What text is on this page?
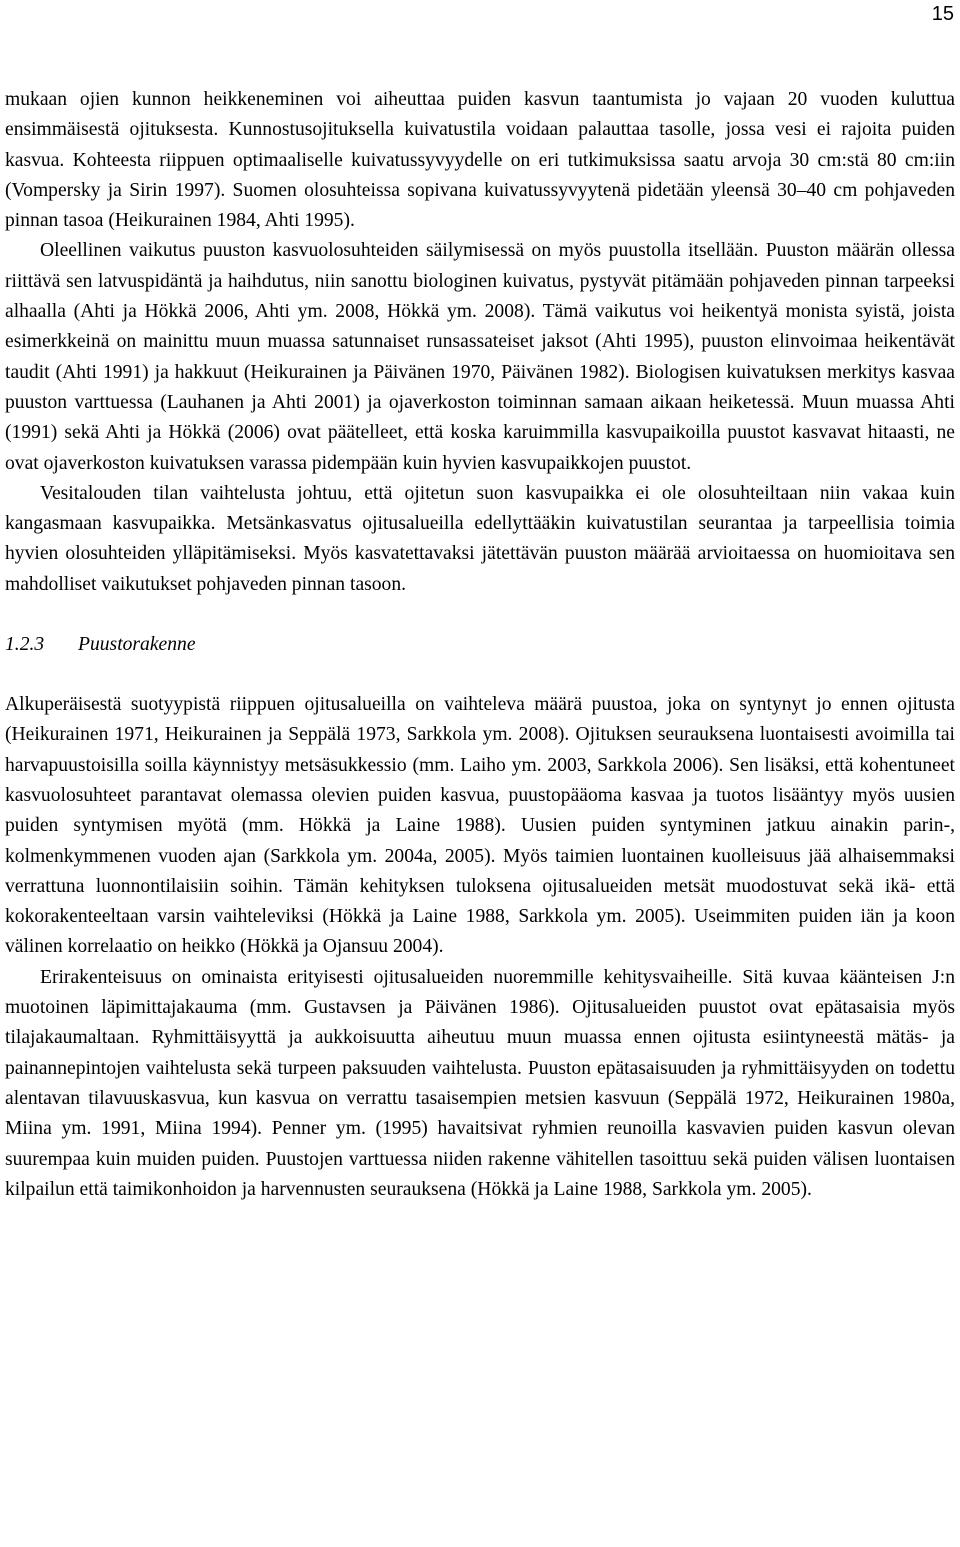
15

mukaan ojien kunnon heikkeneminen voi aiheuttaa puiden kasvun taantumista jo vajaan 20 vuoden kuluttua ensimmäisestä ojituksesta. Kunnostusojituksella kuivatustila voidaan palauttaa tasolle, jossa vesi ei rajoita puiden kasvua. Kohteesta riippuen optimaaliselle kuivatussyvyydelle on eri tutkimuksissa saatu arvoja 30 cm:stä 80 cm:iin (Vompersky ja Sirin 1997). Suomen olosuhteissa sopivana kuivatussyvyytenä pidetään yleensä 30–40 cm pohjaveden pinnan tasoa (Heikurainen 1984, Ahti 1995).

Oleellinen vaikutus puuston kasvuolosuhteiden säilymisessä on myös puustolla itsellään. Puuston määrän ollessa riittävä sen latvuspidäntä ja haihdutus, niin sanottu biologinen kuivatus, pystyvät pitämään pohjaveden pinnan tarpeeksi alhaalla (Ahti ja Hökkä 2006, Ahti ym. 2008, Hökkä ym. 2008). Tämä vaikutus voi heikentyä monista syistä, joista esimerkkeinä on mainittu muun muassa satunnaiset runsassateiset jaksot (Ahti 1995), puuston elinvoimaa heikentävät taudit (Ahti 1991) ja hakkuut (Heikurainen ja Päivänen 1970, Päivänen 1982). Biologisen kuivatuksen merkitys kasvaa puuston varttuessa (Lauhanen ja Ahti 2001) ja ojaverkoston toiminnan samaan aikaan heiketessä. Muun muassa Ahti (1991) sekä Ahti ja Hökkä (2006) ovat päätelleet, että koska karuimmilla kasvupaikoilla puustot kasvavat hitaasti, ne ovat ojaverkoston kuivatuksen varassa pidempään kuin hyvien kasvupaikkojen puustot.

Vesitalouden tilan vaihtelusta johtuu, että ojitetun suon kasvupaikka ei ole olosuhteiltaan niin vakaa kuin kangasmaan kasvupaikka. Metsänkasvatus ojitusalueilla edellyttääkin kuivatustilan seurantaa ja tarpeellisia toimia hyvien olosuhteiden ylläpitämiseksi. Myös kasvatettavaksi jätettävän puuston määrää arvioitaessa on huomioitava sen mahdolliset vaikutukset pohjaveden pinnan tasoon.

1.2.3 Puustorakenne

Alkuperäisestä suotyypistä riippuen ojitusalueilla on vaihteleva määrä puustoa, joka on syntynyt jo ennen ojitusta (Heikurainen 1971, Heikurainen ja Seppälä 1973, Sarkkola ym. 2008). Ojituksen seurauksena luontaisesti avoimilla tai harvapuustoisilla soilla käynnistyy metsäsukkessio (mm. Laiho ym. 2003, Sarkkola 2006). Sen lisäksi, että kohentuneet kasvuolosuhteet parantavat olemassa olevien puiden kasvua, puustopääoma kasvaa ja tuotos lisääntyy myös uusien puiden syntymisen myötä (mm. Hökkä ja Laine 1988). Uusien puiden syntyminen jatkuu ainakin parin-, kolmenkymmenen vuoden ajan (Sarkkola ym. 2004a, 2005). Myös taimien luontainen kuolleisuus jää alhaisemmaksi verrattuna luonnontilaisiin soihin. Tämän kehityksen tuloksena ojitusalueiden metsät muodostuvat sekä ikä- että kokorakenteeltaan varsin vaihteleviksi (Hökkä ja Laine 1988, Sarkkola ym. 2005). Useimmiten puiden iän ja koon välinen korrelaatio on heikko (Hökkä ja Ojansuu 2004).

Erirakenteisuus on ominaista erityisesti ojitusalueiden nuoremmille kehitysvaiheille. Sitä kuvaa käänteisen J:n muotoinen läpimittajakauma (mm. Gustavsen ja Päivänen 1986). Ojitusalueiden puustot ovat epätasaisia myös tilajakaumaltaan. Ryhmittäisyyttä ja aukkoisuutta aiheutuu muun muassa ennen ojitusta esiintyneestä mätäs- ja painannepintojen vaihtelusta sekä turpeen paksuuden vaihtelusta. Puuston epätasaisuuden ja ryhmittäisyyden on todettu alentavan tilavuuskasvua, kun kasvua on verrattu tasaisempien metsien kasvuun (Seppälä 1972, Heikurainen 1980a, Miina ym. 1991, Miina 1994). Penner ym. (1995) havaitsivat ryhmien reunoilla kasvavien puiden kasvun olevan suurempaa kuin muiden puiden. Puustojen varttuessa niiden rakenne vähitellen tasoittuu sekä puiden välisen luontaisen kilpailun että taimikonhoidon ja harvennusten seurauksena (Hökkä ja Laine 1988, Sarkkola ym. 2005).
